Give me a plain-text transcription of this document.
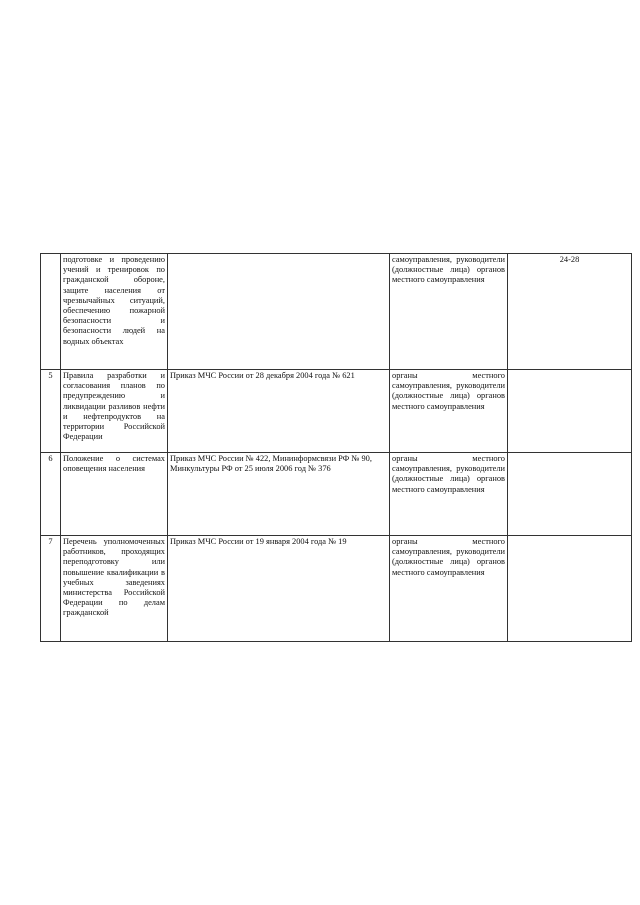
	подготовке и проведению учений и тренировок по гражданской обороне, защите населения от чрезвычайных ситуаций, обеспечению пожарной безопасности и безопасности людей на водных объектах		самоуправления, руководители (должностные лица) органов местного самоуправления	24-28
5	Правила разработки и согласования планов по предупреждению и ликвидации разливов нефти и нефтепродуктов на территории Российской Федерации	Приказ МЧС России от 28 декабря 2004 года № 621	органы местного самоуправления, руководители (должностные лица) органов местного самоуправления	
6	Положение о системах оповещения населения	Приказ МЧС России № 422, Мининформсвязи РФ № 90, Минкультуры РФ от 25 июля 2006 год № 376	органы местного самоуправления, руководители (должностные лица) органов местного самоуправления	
7	Перечень уполномоченных работников, проходящих переподготовку или повышение квалификации в учебных заведениях министерства Российской Федерации по делам гражданской	Приказ МЧС России от 19 января 2004 года № 19	органы местного самоуправления, руководители (должностные лица) органов местного самоуправления	
